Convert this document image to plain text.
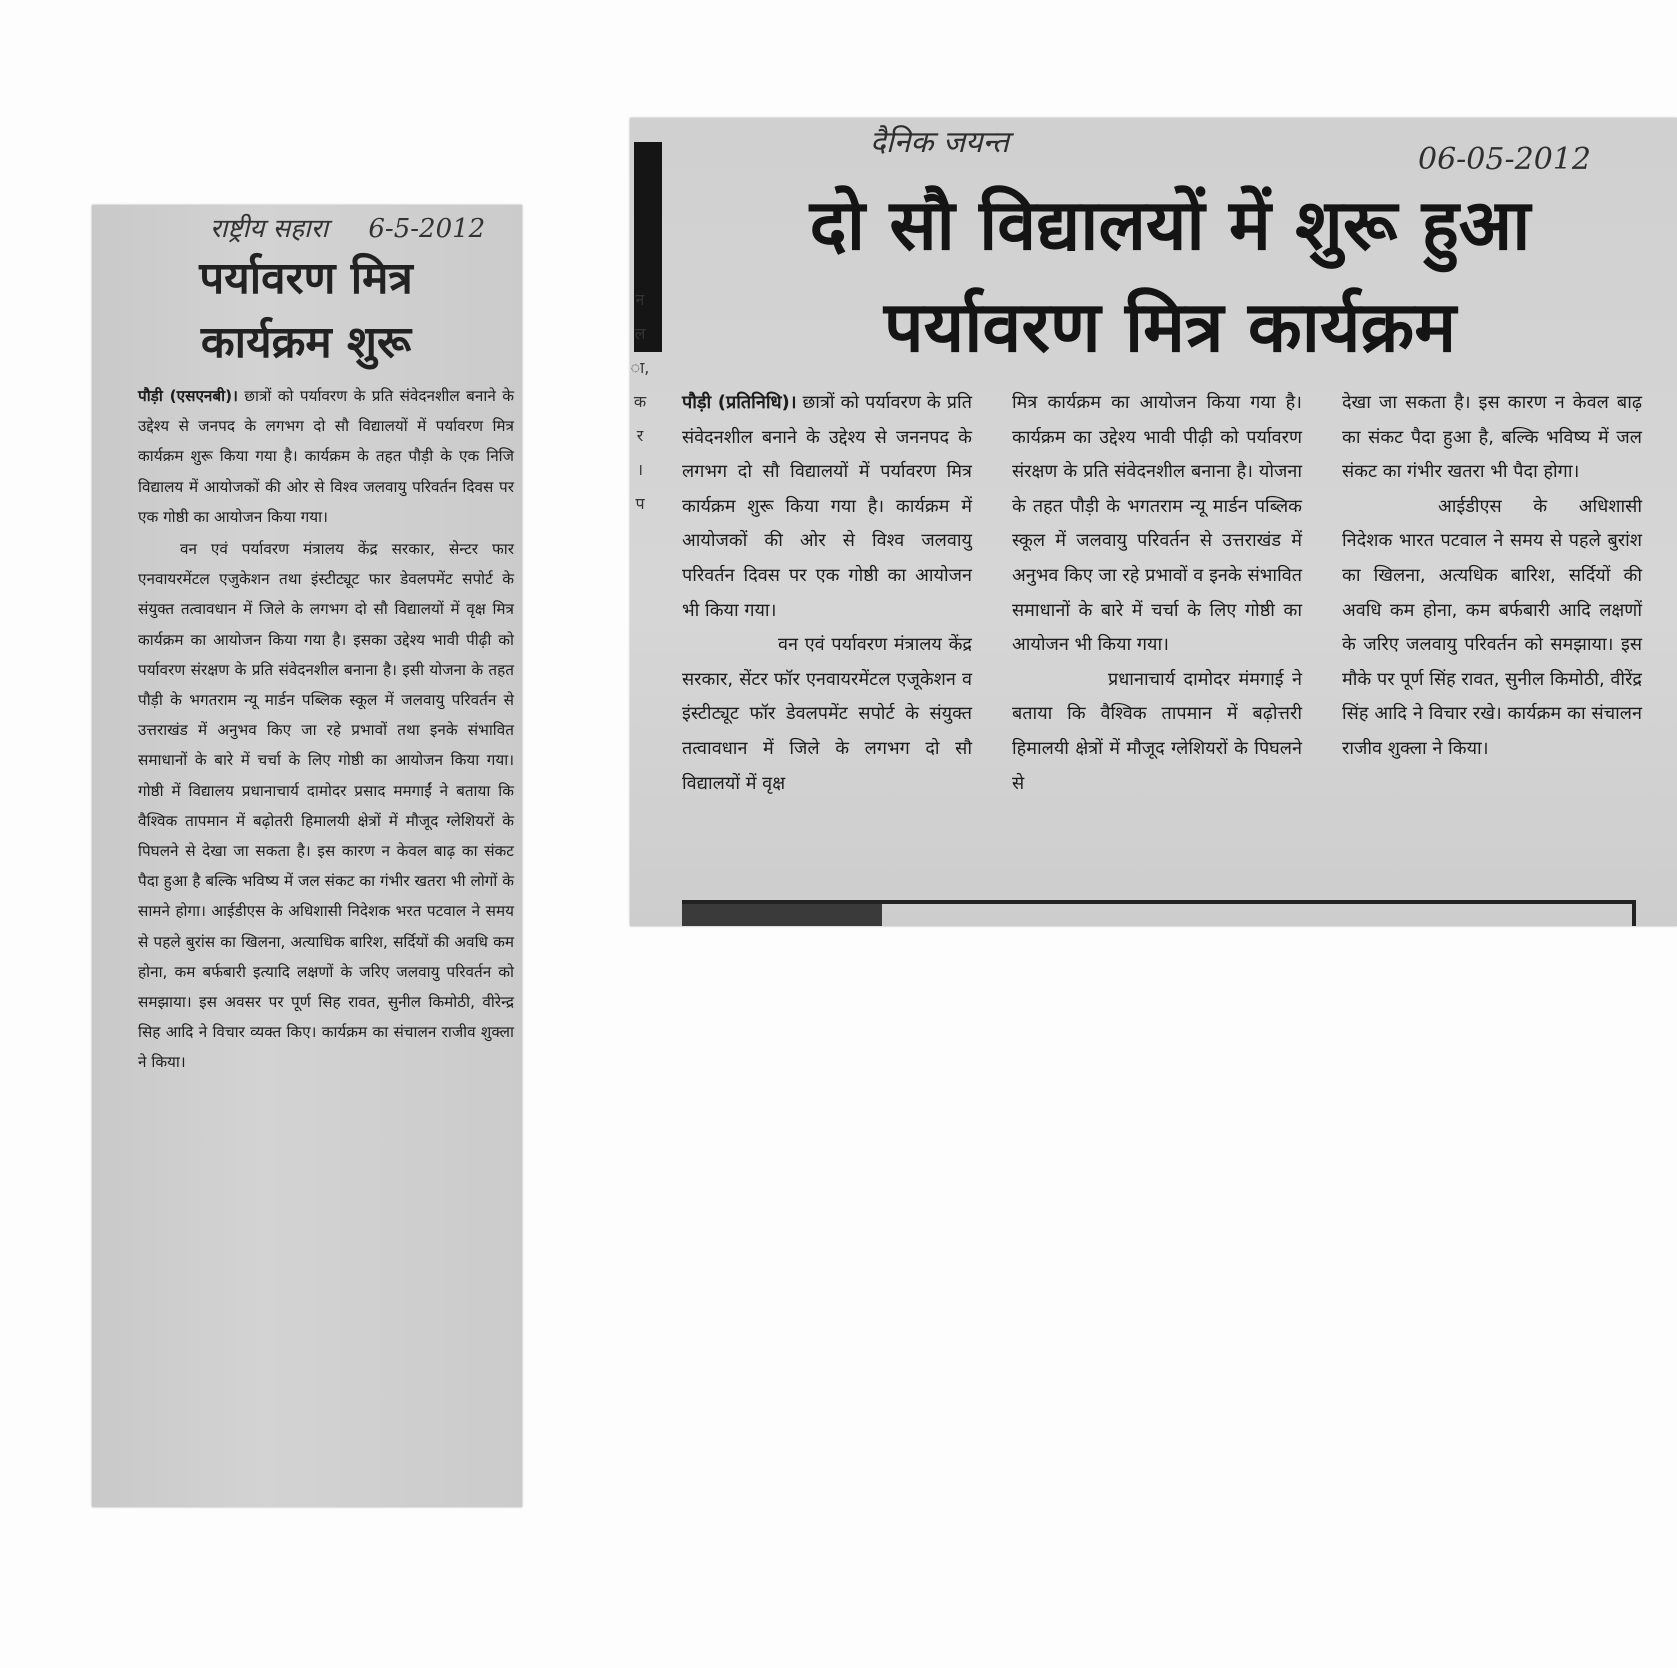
राष्ट्रीय सहारा 6-5-2012
पर्यावरण मित्र
कार्यक्रम शुरू

पौड़ी (एसएनबी)। छात्रों को पर्यावरण के प्रति संवेदनशील बनाने के उद्देश्य से जनपद के लगभग दो सौ विद्यालयों में पर्यावरण मित्र कार्यक्रम शुरू किया गया है। कार्यक्रम के तहत पौड़ी के एक निजि विद्यालय में आयोजकों की ओर से विश्व जलवायु परिवर्तन दिवस पर एक गोष्ठी का आयोजन किया गया।

वन एवं पर्यावरण मंत्रालय केंद्र सरकार, सेन्टर फार एनवायरमेंटल एजुकेशन तथा इंस्टीट्यूट फार डेवलपमेंट सपोर्ट के संयुक्त तत्वावधान में जिले के लगभग दो सौ विद्यालयों में वृक्ष मित्र कार्यक्रम का आयोजन किया गया है। इसका उद्देश्य भावी पीढ़ी को पर्यावरण संरक्षण के प्रति संवेदनशील बनाना है। इसी योजना के तहत पौड़ी के भगतराम न्यू मार्डन पब्लिक स्कूल में जलवायु परिवर्तन से उत्तराखंड में अनुभव किए जा रहे प्रभावों तथा इनके संभावित समाधानों के बारे में चर्चा के लिए गोष्ठी का आयोजन किया गया। गोष्ठी में विद्यालय प्रधानाचार्य दामोदर प्रसाद ममगाईं ने बताया कि वैश्विक तापमान में बढ़ोतरी हिमालयी क्षेत्रों में मौजूद ग्लेशियरों के पिघलने से देखा जा सकता है। इस कारण न केवल बाढ़ का संकट पैदा हुआ है बल्कि भविष्य में जल संकट का गंभीर खतरा भी लोगों के सामने होगा। आईडीएस के अधिशासी निदेशक भरत पटवाल ने समय से पहले बुरांस का खिलना, अत्याधिक बारिश, सर्दियों की अवधि कम होना, कम बर्फबारी इत्यादि लक्षणों के जरिए जलवायु परिवर्तन को समझाया। इस अवसर पर पूर्ण सिह रावत, सुनील किमोठी, वीरेन्द्र सिह आदि ने विचार व्यक्त किए। कार्यक्रम का संचालन राजीव शुक्ला ने किया।

न
ल
ा,
क
र
।
प
दैनिक जयन्त	06-05-2012
दो सौ विद्यालयों में शुरू हुआ
पर्यावरण मित्र कार्यक्रम

पौड़ी (प्रतिनिधि)। छात्रों को पर्यावरण के प्रति संवेदनशील बनाने के उद्देश्य से जननपद के लगभग दो सौ विद्यालयों में पर्यावरण मित्र कार्यक्रम शुरू किया गया है। कार्यक्रम में आयोजकों की ओर से विश्व जलवायु परिवर्तन दिवस पर एक गोष्ठी का आयोजन भी किया गया।

वन एवं पर्यावरण मंत्रालय केंद्र सरकार, सेंटर फॉर एनवायरमेंटल एजूकेशन व इंस्टीट्यूट फॉर डेवलपमेंट सपोर्ट के संयुक्त तत्वावधान में जिले के लगभग दो सौ विद्यालयों में वृक्ष

मित्र कार्यक्रम का आयोजन किया गया है। कार्यक्रम का उद्देश्य भावी पीढ़ी को पर्यावरण संरक्षण के प्रति संवेदनशील बनाना है। योजना के तहत पौड़ी के भगतराम न्यू मार्डन पब्लिक स्कूल में जलवायु परिवर्तन से उत्तराखंड में अनुभव किए जा रहे प्रभावों व इनके संभावित समाधानों के बारे में चर्चा के लिए गोष्ठी का आयोजन भी किया गया।

प्रधानाचार्य दामोदर मंमगाई ने बताया कि वैश्विक तापमान में बढ़ोत्तरी हिमालयी क्षेत्रों में मौजूद ग्लेशियरों के पिघलने से

देखा जा सकता है। इस कारण न केवल बाढ़ का संकट पैदा हुआ है, बल्कि भविष्य में जल संकट का गंभीर खतरा भी पैदा होगा।

आईडीएस के अधिशासी निदेशक भारत पटवाल ने समय से पहले बुरांश का खिलना, अत्यधिक बारिश, सर्दियों की अवधि कम होना, कम बर्फबारी आदि लक्षणों के जरिए जलवायु परिवर्तन को समझाया। इस मौके पर पूर्ण सिंह रावत, सुनील किमोठी, वीरेंद्र सिंह आदि ने विचार रखे। कार्यक्रम का संचालन राजीव शुक्ला ने किया।
